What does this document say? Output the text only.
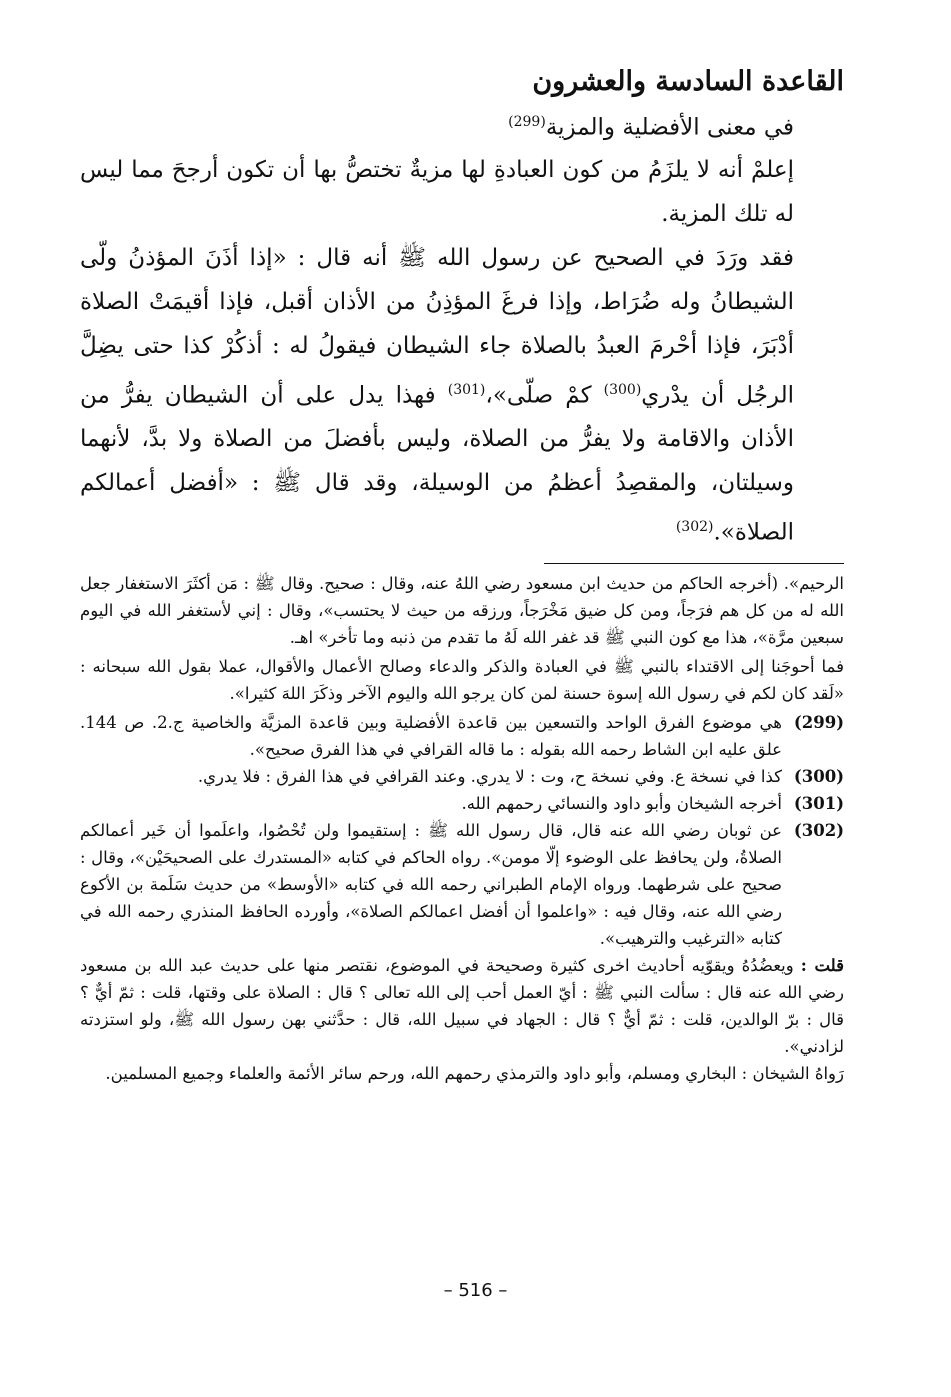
القاعدة السادسة والعشرون

في معنى الأفضلية والمزية$^{(299)}$

إعلمْ أنه لا يلزَمُ من كون العبادةِ لها مزيةٌ تختصُّ بها أن تكون أرجحَ مما ليس له تلك المزية.

فقد ورَدَ في الصحيح عن رسول الله ﷺ أنه قال : «إذا أذَنَ المؤذنُ ولّى الشيطانُ وله ضُرَاط، وإذا فرغَ المؤذِنُ من الأذان أقبل، فإذا أقيمَتْ الصلاة أدْبَرَ، فإذا أحْرمَ العبدُ بالصلاة جاء الشيطان فيقولُ له : أذكُرْ كذا حتى يضِلَّ الرجُل أن يدْري$^{(300)}$ كمْ صلّى»،$^{(301)}$ فهذا يدل على أن الشيطان يفرُّ من الأذان والاقامة ولا يفرُّ من الصلاة، وليس بأفضلَ من الصلاة ولا بدَّ، لأنهما وسيلتان، والمقصِدُ أعظمُ من الوسيلة، وقد قال ﷺ : «أفضل أعمالكم الصلاة».$^{(302)}$

الرحيم». (أخرجه الحاكم من حديث ابن مسعود رضي اللهُ عنه، وقال : صحيح. وقال ﷺ : مَن أكثَرَ الاستغفار جعل الله له من كل هم فرَجاً، ومن كل ضيق مَخْرَجاً، ورزقه من حيث لا يحتسب»، وقال : إني لأستغفر الله في اليوم سبعين مرَّة»، هذا مع كون النبي ﷺ قد غفر الله لَهُ ما تقدم من ذنبه وما تأخر» اهـ.

فما أحوجَنا إلى الاقتداء بالنبي ﷺ في العبادة والذكر والدعاء وصالح الأعمال والأقوال، عملا بقول الله سبحانه : «لَقد كان لكم في رسول الله إسوة حسنة لمن كان يرجو الله واليوم الآخر وذكَرَ اللهَ كثيرا».

(299)
هي موضوع الفرق الواحد والتسعين بين قاعدة الأفضلية وبين قاعدة المزيَّة والخاصية ج.2. ص 144. علق عليه ابن الشاط رحمه الله بقوله : ما قاله القرافي في هذا الفرق صحيح».
(300)
كذا في نسخة ع. وفي نسخة ح، وت : لا يدري. وعند القرافي في هذا الفرق : فلا يدري.
(301)
أخرجه الشيخان وأبو داود والنسائي رحمهم الله.
(302)
عن ثوبان رضي الله عنه قال، قال رسول الله ﷺ : إستقيموا ولن تُحْصُوا، واعلَموا أن خَير أعمالكم الصلاةُ، ولن يحافظ على الوضوء إلّا مومن». رواه الحاكم في كتابه «المستدرك على الصحيحَيْن»، وقال : صحيح على شرطهما. ورواه الإمام الطبراني رحمه الله في كتابه «الأوسط» من حديث سَلَمة بن الأكوع رضي الله عنه، وقال فيه : «واعلموا أن أفضل اعمالكم الصلاة»، وأورده الحافظ المنذري رحمه الله في كتابه «الترغيب والترهيب».

قلت : ويعضُدُهُ ويقوّيه أحاديث اخرى كثيرة وصحيحة في الموضوع، نقتصر منها على حديث عبد الله بن مسعود رضي الله عنه قال : سألت النبي ﷺ : أيّ العمل أحب إلى الله تعالى ؟ قال : الصلاة على وقتها، قلت : ثمّ أيٌّ ؟ قال : برّ الوالدين، قلت : ثمّ أيٌّ ؟ قال : الجهاد في سبيل الله، قال : حدَّثني بهن رسول الله ﷺ، ولو استزدته لزادني».

رَواهُ الشيخان : البخاري ومسلم، وأبو داود والترمذي رحمهم الله، ورحم سائر الأئمة والعلماء وجميع المسلمين.

– 516 –
